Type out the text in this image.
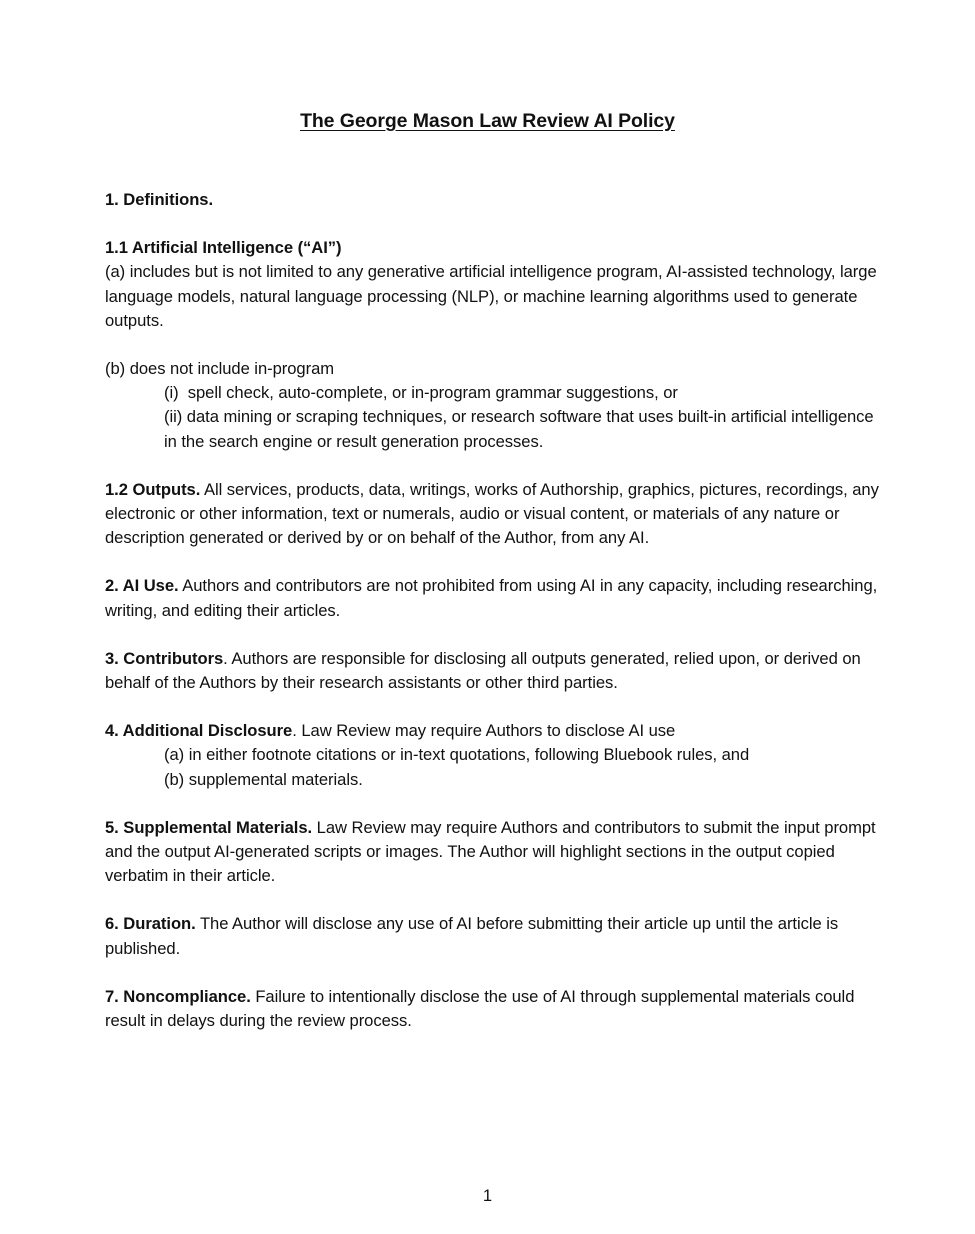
The George Mason Law Review AI Policy

1. Definitions.

1.1 Artificial Intelligence (“AI”)

(a) includes but is not limited to any generative artificial intelligence program, AI-assisted technology, large language models, natural language processing (NLP), or machine learning algorithms used to generate outputs.

(b) does not include in-program

(i)  spell check, auto-complete, or in-program grammar suggestions, or

(ii) data mining or scraping techniques, or research software that uses built-in artificial intelligence in the search engine or result generation processes.

1.2 Outputs. All services, products, data, writings, works of Authorship, graphics, pictures, recordings, any electronic or other information, text or numerals, audio or visual content, or materials of any nature or description generated or derived by or on behalf of the Author, from any AI.

2. AI Use. Authors and contributors are not prohibited from using AI in any capacity, including researching, writing, and editing their articles.

3. Contributors. Authors are responsible for disclosing all outputs generated, relied upon, or derived on behalf of the Authors by their research assistants or other third parties.

4. Additional Disclosure. Law Review may require Authors to disclose AI use

(a) in either footnote citations or in-text quotations, following Bluebook rules, and

(b) supplemental materials.

5. Supplemental Materials. Law Review may require Authors and contributors to submit the input prompt and the output AI-generated scripts or images. The Author will highlight sections in the output copied verbatim in their article.

6. Duration. The Author will disclose any use of AI before submitting their article up until the article is published.

7. Noncompliance. Failure to intentionally disclose the use of AI through supplemental materials could result in delays during the review process.

1
